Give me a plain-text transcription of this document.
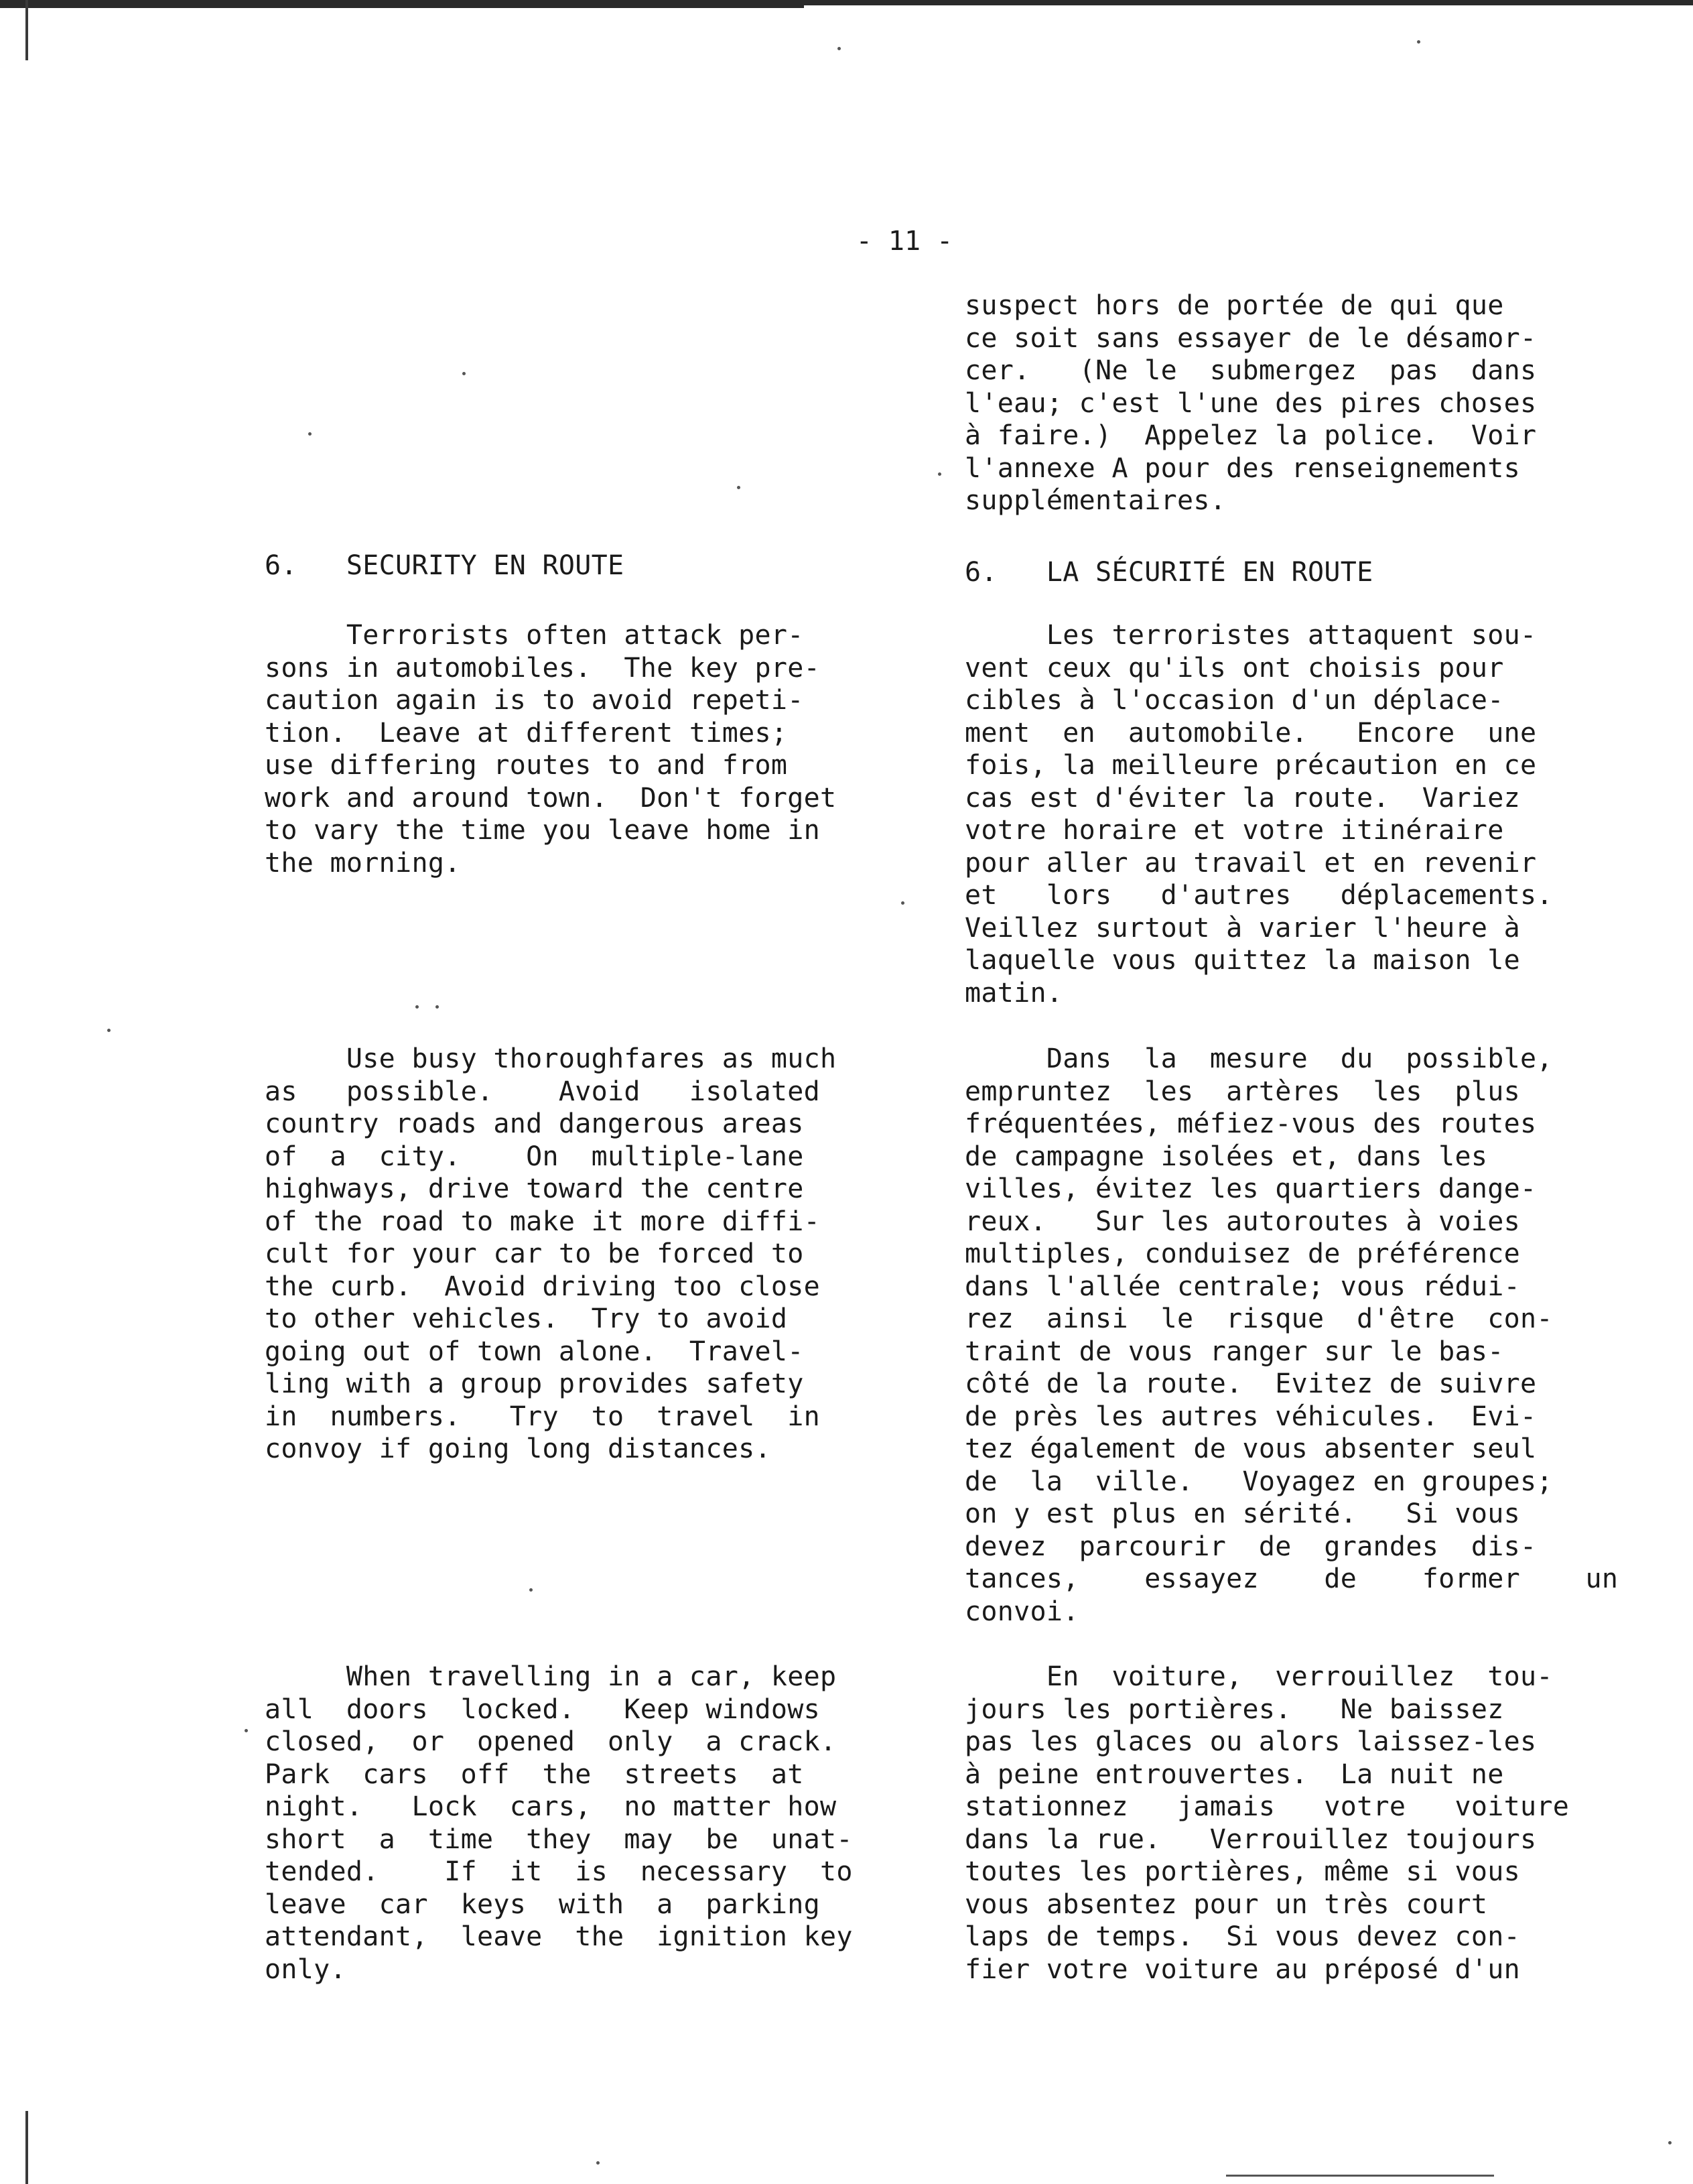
- 11 -
6.   SECURITY EN ROUTE
Terrorists often attack per-
sons in automobiles.  The key pre-
caution again is to avoid repeti-
tion.  Leave at different times;
use differing routes to and from
work and around town.  Don't forget
to vary the time you leave home in
the morning.
Use busy thoroughfares as much
as   possible.    Avoid   isolated
country roads and dangerous areas
of  a  city.    On  multiple-lane
highways, drive toward the centre
of the road to make it more diffi-
cult for your car to be forced to
the curb.  Avoid driving too close
to other vehicles.  Try to avoid
going out of town alone.  Travel-
ling with a group provides safety
in  numbers.   Try  to  travel  in
convoy if going long distances.
When travelling in a car, keep
all  doors  locked.   Keep windows
closed,  or  opened  only  a crack.
Park  cars  off  the  streets  at
night.   Lock  cars,  no matter how
short  a  time  they  may  be  unat-
tended.    If  it  is  necessary  to
leave  car  keys  with  a  parking
attendant,  leave  the  ignition key
only.
suspect hors de portée de qui que
ce soit sans essayer de le désamor-
cer.   (Ne le  submergez  pas  dans
l'eau; c'est l'une des pires choses
à faire.)  Appelez la police.  Voir
l'annexe A pour des renseignements
supplémentaires.
6.   LA SÉCURITÉ EN ROUTE
Les terroristes attaquent sou-
vent ceux qu'ils ont choisis pour
cibles à l'occasion d'un déplace-
ment  en  automobile.   Encore  une
fois, la meilleure précaution en ce
cas est d'éviter la route.  Variez
votre horaire et votre itinéraire
pour aller au travail et en revenir
et   lors   d'autres   déplacements.
Veillez surtout à varier l'heure à
laquelle vous quittez la maison le
matin.
Dans  la  mesure  du  possible,
empruntez  les  artères  les  plus
fréquentées, méfiez-vous des routes
de campagne isolées et, dans les
villes, évitez les quartiers dange-
reux.   Sur les autoroutes à voies
multiples, conduisez de préférence
dans l'allée centrale; vous rédui-
rez  ainsi  le  risque  d'être  con-
traint de vous ranger sur le bas-
côté de la route.  Evitez de suivre
de près les autres véhicules.  Evi-
tez également de vous absenter seul
de  la  ville.   Voyagez en groupes;
on y est plus en sérité.   Si vous
devez  parcourir  de  grandes  dis-
tances,    essayez    de    former    un
convoi.
En  voiture,  verrouillez  tou-
jours les portières.   Ne baissez
pas les glaces ou alors laissez-les
à peine entrouvertes.  La nuit ne
stationnez   jamais   votre   voiture
dans la rue.   Verrouillez toujours
toutes les portières, même si vous
vous absentez pour un très court
laps de temps.  Si vous devez con-
fier votre voiture au préposé d'un
